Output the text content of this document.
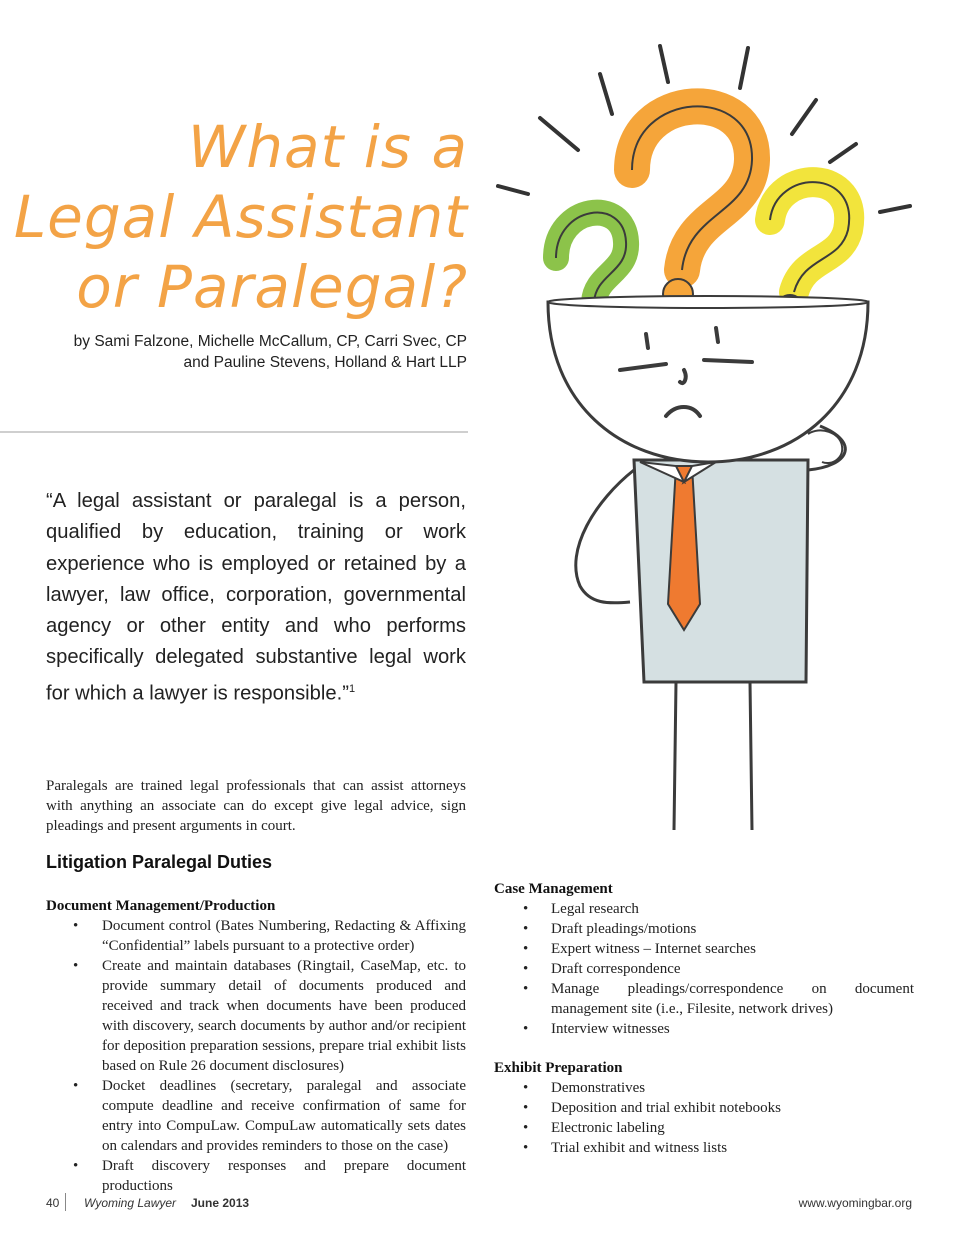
What is a
Legal Assistant
or Paralegal?
by Sami Falzone, Michelle McCallum, CP, Carri Svec, CP
and Pauline Stevens, Holland & Hart LLP
“A legal assistant or paralegal is a person, qualified by education, training or work experience who is employed or retained by a lawyer, law office, corporation, governmental agency or other entity and who performs specifically delegated substantive legal work for which a lawyer is responsible.”$^1$
Paralegals are trained legal professionals that can assist attorneys with anything an associate can do except give legal advice, sign pleadings and present arguments in court.
Litigation Paralegal Duties
Document Management/Production
• Document control (Bates Numbering, Redacting & Affixing “Confidential” labels pursuant to a protective order)
• Create and maintain databases (Ringtail, CaseMap, etc. to provide summary detail of documents produced and received and track when documents have been produced with discovery, search documents by author and/or recipient for deposition preparation sessions, prepare trial exhibit lists based on Rule 26 document disclosures)
• Docket deadlines (secretary, paralegal and associate compute deadline and receive confirmation of same for entry into CompuLaw. CompuLaw automatically sets dates on calendars and provides reminders to those on the case)
• Draft discovery responses and prepare document productions
Case Management
• Legal research
• Draft pleadings/motions
• Expert witness – Internet searches
• Draft correspondence
• Manage pleadings/correspondence on document management site (i.e., Filesite, network drives)
• Interview witnesses
Exhibit Preparation
• Demonstratives
• Deposition and trial exhibit notebooks
• Electronic labeling
• Trial exhibit and witness lists
40 Wyoming Lawyer June 2013	www.wyomingbar.org
